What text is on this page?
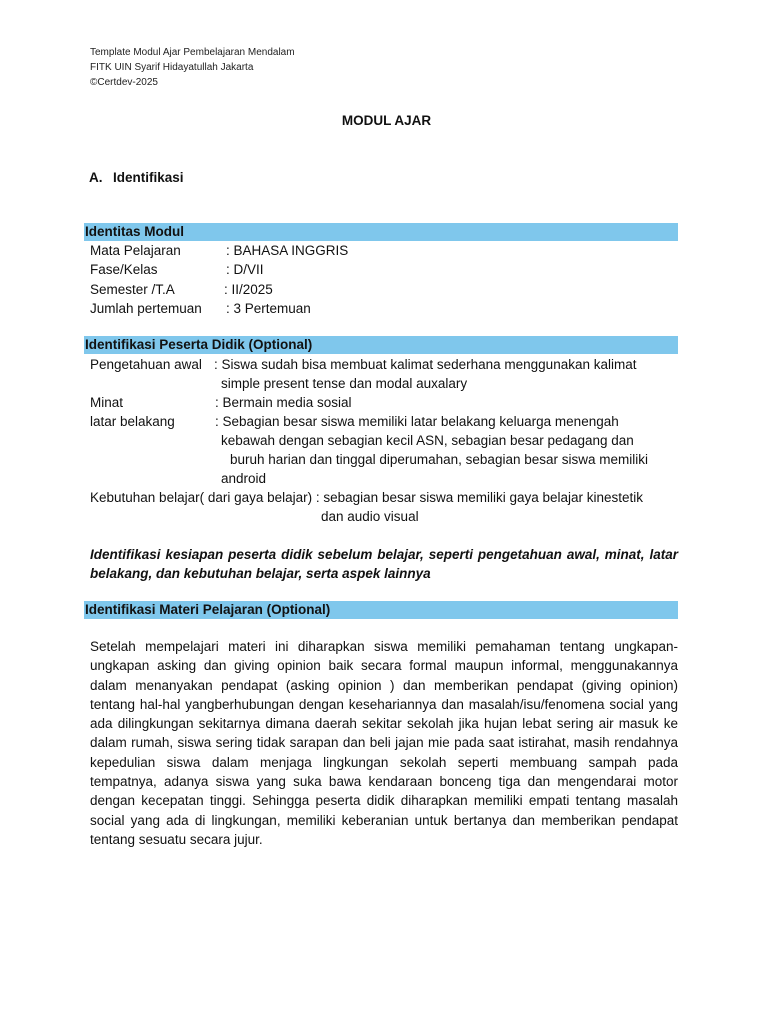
Template Modul Ajar Pembelajaran Mendalam
FITK UIN Syarif Hidayatullah Jakarta
©Certdev-2025
MODUL AJAR
A. Identifikasi
Identitas Modul
Mata Pelajaran	: BAHASA INGGRIS
Fase/Kelas	: D/VII
Semester /T.A	: II/2025
Jumlah pertemuan : 3 Pertemuan
Identifikasi Peserta Didik (Optional)
Pengetahuan awal : Siswa sudah bisa membuat kalimat sederhana menggunakan kalimat
simple present tense dan modal auxalary
Minat	: Bermain media sosial
latar belakang	: Sebagian besar siswa memiliki latar belakang keluarga menengah
kebawah dengan sebagian kecil ASN, sebagian besar pedagang dan
buruh harian dan tinggal diperumahan, sebagian besar siswa memiliki
android
Kebutuhan belajar( dari gaya belajar) : sebagian besar siswa memiliki gaya belajar kinestetik
dan audio visual
Identifikasi kesiapan peserta didik sebelum belajar, seperti pengetahuan awal, minat, latar belakang, dan kebutuhan belajar, serta aspek lainnya
Identifikasi Materi Pelajaran (Optional)
Setelah mempelajari materi ini diharapkan siswa memiliki pemahaman tentang ungkapan-ungkapan asking dan giving opinion baik secara formal maupun informal, menggunakannya dalam menanyakan pendapat (asking opinion ) dan memberikan pendapat (giving opinion) tentang hal-hal yangberhubungan dengan kesehariannya dan masalah/isu/fenomena social yang ada dilingkungan sekitarnya dimana daerah sekitar sekolah jika hujan lebat sering air masuk ke dalam rumah, siswa sering tidak sarapan dan beli jajan mie pada saat istirahat, masih rendahnya kepedulian siswa dalam menjaga lingkungan sekolah seperti membuang sampah pada tempatnya, adanya siswa yang suka bawa kendaraan bonceng tiga dan mengendarai motor dengan kecepatan tinggi. Sehingga peserta didik diharapkan memiliki empati tentang masalah social yang ada di lingkungan, memiliki keberanian untuk bertanya dan memberikan pendapat tentang sesuatu secara jujur.
